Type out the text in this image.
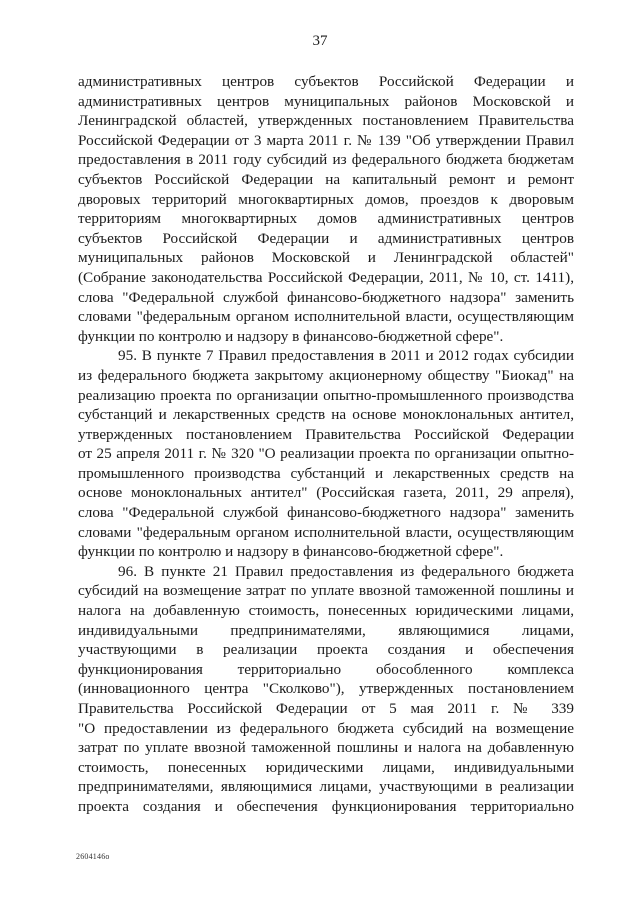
37
административных центров субъектов Российской Федерации и
административных центров муниципальных районов Московской и
Ленинградской областей, утвержденных постановлением Правительства
Российской Федерации от 3 марта 2011 г. № 139 "Об утверждении Правил
предоставления в 2011 году субсидий из федерального бюджета бюджетам
субъектов Российской Федерации на капитальный ремонт и ремонт
дворовых территорий многоквартирных домов, проездов к дворовым
территориям многоквартирных домов административных центров
субъектов Российской Федерации и административных центров
муниципальных районов Московской и Ленинградской областей"
(Собрание законодательства Российской Федерации, 2011, № 10, ст. 1411),
слова "Федеральной службой финансово-бюджетного надзора" заменить
словами "федеральным органом исполнительной власти, осуществляющим
функции по контролю и надзору в финансово-бюджетной сфере".
95. В пункте 7 Правил предоставления в 2011 и 2012 годах субсидии
из федерального бюджета закрытому акционерному обществу "Биокад" на
реализацию проекта по организации опытно-промышленного производства
субстанций и лекарственных средств на основе моноклональных антител,
утвержденных постановлением Правительства Российской Федерации
от 25 апреля 2011 г. № 320 "О реализации проекта по организации опытно-
промышленного производства субстанций и лекарственных средств на
основе моноклональных антител" (Российская газета, 2011, 29 апреля),
слова "Федеральной службой финансово-бюджетного надзора" заменить
словами "федеральным органом исполнительной власти, осуществляющим
функции по контролю и надзору в финансово-бюджетной сфере".
96. В пункте 21 Правил предоставления из федерального бюджета
субсидий на возмещение затрат по уплате ввозной таможенной пошлины и
налога на добавленную стоимость, понесенных юридическими лицами,
индивидуальными предпринимателями, являющимися лицами,
участвующими в реализации проекта создания и обеспечения
функционирования территориально обособленного комплекса
(инновационного центра "Сколково"), утвержденных постановлением
Правительства Российской Федерации от 5 мая 2011 г. № 339
"О предоставлении из федерального бюджета субсидий на возмещение
затрат по уплате ввозной таможенной пошлины и налога на добавленную
стоимость, понесенных юридическими лицами, индивидуальными
предпринимателями, являющимися лицами, участвующими в реализации
проекта создания и обеспечения функционирования территориально
2604146о
